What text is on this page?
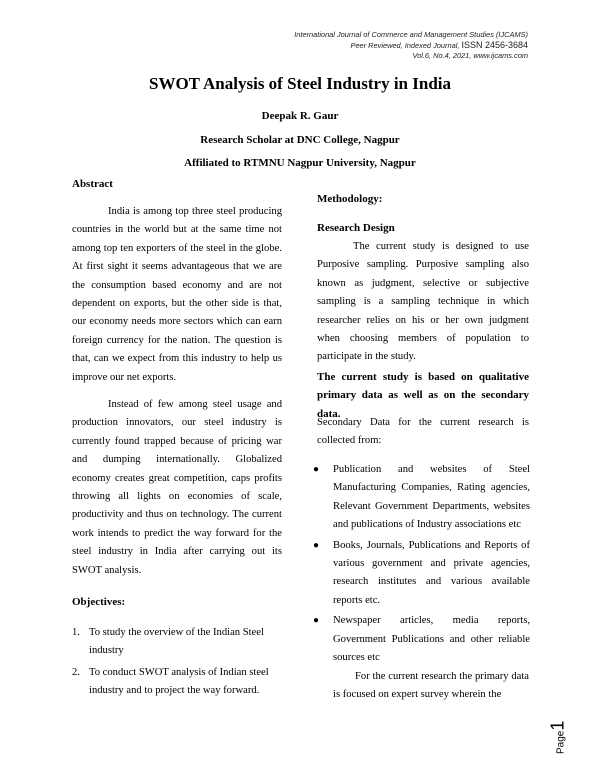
International Journal of Commerce and Management Studies (IJCAMS)
Peer Reviewed, Indexed Journal, ISSN 2456-3684
Vol.6, No.4, 2021, www.ijcams.com
SWOT Analysis of Steel Industry in India
Deepak R. Gaur
Research Scholar at DNC College, Nagpur
Affiliated to RTMNU Nagpur University, Nagpur
Abstract

India is among top three steel producing countries in the world but at the same time not among top ten exporters of the steel in the globe. At first sight it seems advantageous that we are the consumption based economy and are not dependent on exports, but the other side is that, our economy needs more sectors which can earn foreign currency for the nation. The question is that, can we expect from this industry to help us improve our net exports.

Instead of few among steel usage and production innovators, our steel industry is currently found trapped because of pricing war and dumping internationally. Globalized economy creates great competition, caps profits throwing all lights on economies of scale, productivity and thus on technology. The current work intends to predict the way forward for the steel industry in India after carrying out its SWOT analysis.

Objectives:
1. To study the overview of the Indian Steel industry
2. To conduct SWOT analysis of Indian steel industry and to project the way forward.
Methodology:
Research Design

The current study is designed to use Purposive sampling. Purposive sampling also known as judgment, selective or subjective sampling is a sampling technique in which researcher relies on his or her own judgment when choosing members of population to participate in the study.

The current study is based on qualitative primary data as well as on the secondary data.

Secondary Data for the current research is collected from:

● Publication and websites of Steel Manufacturing Companies, Rating agencies, Relevant Government Departments, websites and publications of Industry associations etc
● Books, Journals, Publications and Reports of various government and private agencies, research institutes and various available reports etc.
● Newspaper articles, media reports, Government Publications and other reliable sources etc

For the current research the primary data is focused on expert survey wherein the

Page1
